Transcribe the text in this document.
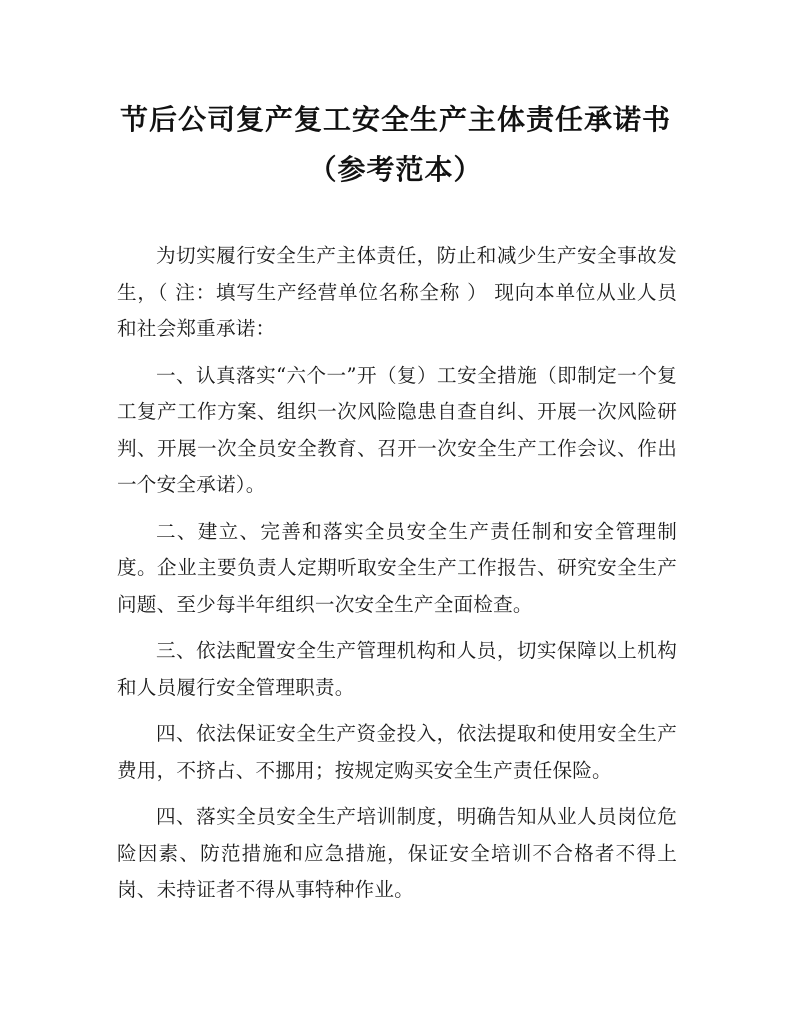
节后公司复产复工安全生产主体责任承诺书
（参考范本）

为切实履行安全生产主体责任，防止和减少生产安全事故发生，（ 注：填写生产经营单位名称全称 ） 现向本单位从业人员和社会郑重承诺：

一、认真落实“六个一”开（复）工安全措施（即制定一个复工复产工作方案、组织一次风险隐患自查自纠、开展一次风险研判、开展一次全员安全教育、召开一次安全生产工作会议、作出一个安全承诺）。

二、建立、完善和落实全员安全生产责任制和安全管理制度。企业主要负责人定期听取安全生产工作报告、研究安全生产问题、至少每半年组织一次安全生产全面检查。

三、依法配置安全生产管理机构和人员，切实保障以上机构和人员履行安全管理职责。

四、依法保证安全生产资金投入，依法提取和使用安全生产费用，不挤占、不挪用；按规定购买安全生产责任保险。

四、落实全员安全生产培训制度，明确告知从业人员岗位危险因素、防范措施和应急措施，保证安全培训不合格者不得上岗、未持证者不得从事特种作业。
